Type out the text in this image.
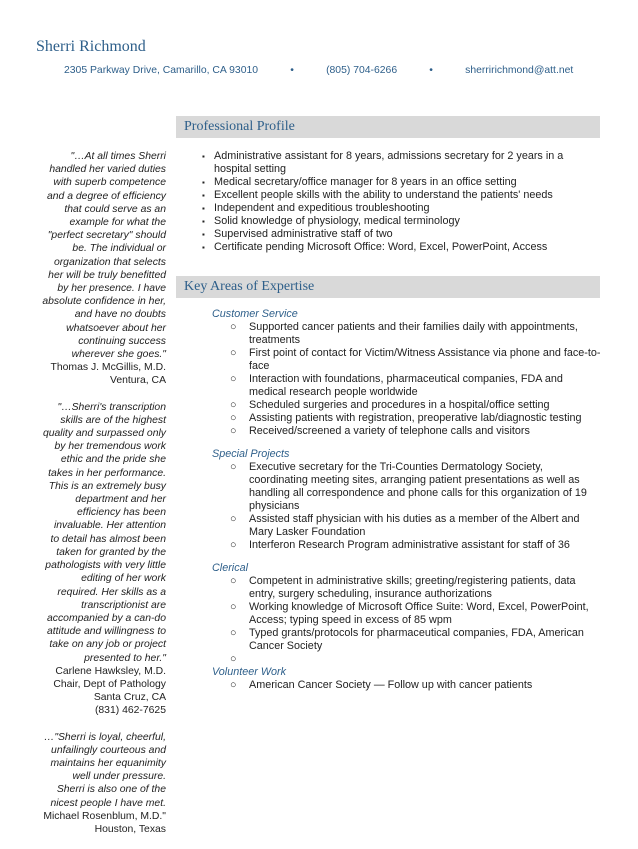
Sherri Richmond
2305 Parkway Drive, Camarillo, CA 93010	•	(805) 704-6266	•	sherririchmond@att.net
Professional Profile
▪ Administrative assistant for 8 years, admissions secretary for 2 years in a hospital setting
▪ Medical secretary/office manager for 8 years in an office setting
▪ Excellent people skills with the ability to understand the patients' needs
▪ Independent and expeditious troubleshooting
▪ Solid knowledge of physiology, medical terminology
▪ Supervised administrative staff of two
▪ Certificate pending Microsoft Office: Word, Excel, PowerPoint, Access
Key Areas of Expertise
Customer Service
○ Supported cancer patients and their families daily with appointments, treatments
○ First point of contact for Victim/Witness Assistance via phone and face-to-face
○ Interaction with foundations, pharmaceutical companies, FDA and medical research people worldwide
○ Scheduled surgeries and procedures in a hospital/office setting
○ Assisting patients with registration, preoperative lab/diagnostic testing
○ Received/screened a variety of telephone calls and visitors
Special Projects
○ Executive secretary for the Tri-Counties Dermatology Society, coordinating meeting sites, arranging patient presentations as well as handling all correspondence and phone calls for this organization of 19 physicians
○ Assisted staff physician with his duties as a member of the Albert and Mary Lasker Foundation
○ Interferon Research Program administrative assistant for staff of 36
Clerical
○ Competent in administrative skills; greeting/registering patients, data entry, surgery scheduling, insurance authorizations
○ Working knowledge of Microsoft Office Suite: Word, Excel, PowerPoint, Access; typing speed in excess of 85 wpm
○ Typed grants/protocols for pharmaceutical companies, FDA, American Cancer Society
○

Volunteer Work
○ American Cancer Society — Follow up with cancer patients
"…At all times Sherri
handled her varied duties
with superb competence
and a degree of efficiency
that could serve as an
example for what the
"perfect secretary" should
be. The individual or
organization that selects
her will be truly benefitted
by her presence. I have
absolute confidence in her,
and have no doubts
whatsoever about her
continuing success
wherever she goes."
Thomas J. McGillis, M.D.
Ventura, CA
"…Sherri's transcription
skills are of the highest
quality and surpassed only
by her tremendous work
ethic and the pride she
takes in her performance.
This is an extremely busy
department and her
efficiency has been
invaluable. Her attention
to detail has almost been
taken for granted by the
pathologists with very little
editing of her work
required. Her skills as a
transcriptionist are
accompanied by a can-do
attitude and willingness to
take on any job or project
presented to her."
Carlene Hawksley, M.D.
Chair, Dept of Pathology
Santa Cruz, CA
(831) 462-7625
…"Sherri is loyal, cheerful,
unfailingly courteous and
maintains her equanimity
well under pressure.
Sherri is also one of the
nicest people I have met.
Michael Rosenblum, M.D."
Houston, Texas
